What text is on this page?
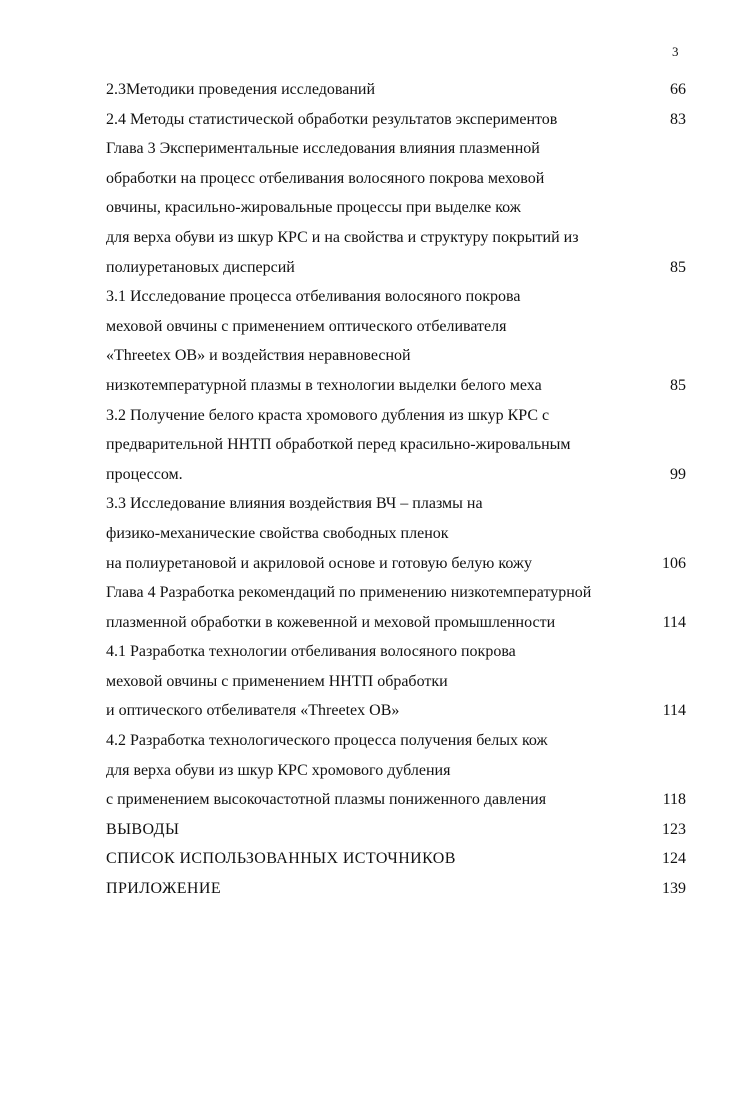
3
2.3Методики проведения исследований	66
2.4 Методы статистической обработки результатов экспериментов	83
Глава 3 Экспериментальные исследования влияния плазменной
обработки на процесс отбеливания волосяного покрова меховой
овчины, красильно-жировальные процессы при выделке кож
для верха обуви из шкур КРС и на свойства и структуру покрытий из
полиуретановых дисперсий	85
3.1 Исследование процесса отбеливания волосяного покрова
меховой овчины с применением оптического отбеливателя
«Threetex OB» и воздействия неравновесной
низкотемпературной плазмы в технологии выделки белого меха	85
3.2 Получение белого краста хромового дубления из шкур КРС с
предварительной ННТП обработкой перед красильно-жировальным
процессом.	99
3.3 Исследование влияния воздействия ВЧ – плазмы на
физико-механические свойства свободных пленок
на полиуретановой и акриловой основе и готовую белую кожу	106
Глава 4 Разработка рекомендаций по применению низкотемпературной
плазменной обработки в кожевенной и меховой промышленности	114
4.1 Разработка технологии отбеливания волосяного покрова
меховой овчины с применением ННТП обработки
и оптического отбеливателя «Threetex OB»	114
4.2 Разработка технологического процесса получения белых кож
для верха обуви из шкур КРС хромового дубления
с применением высокочастотной плазмы пониженного давления	118
ВЫВОДЫ	123
СПИСОК ИСПОЛЬЗОВАННЫХ ИСТОЧНИКОВ	124
ПРИЛОЖЕНИЕ	139
